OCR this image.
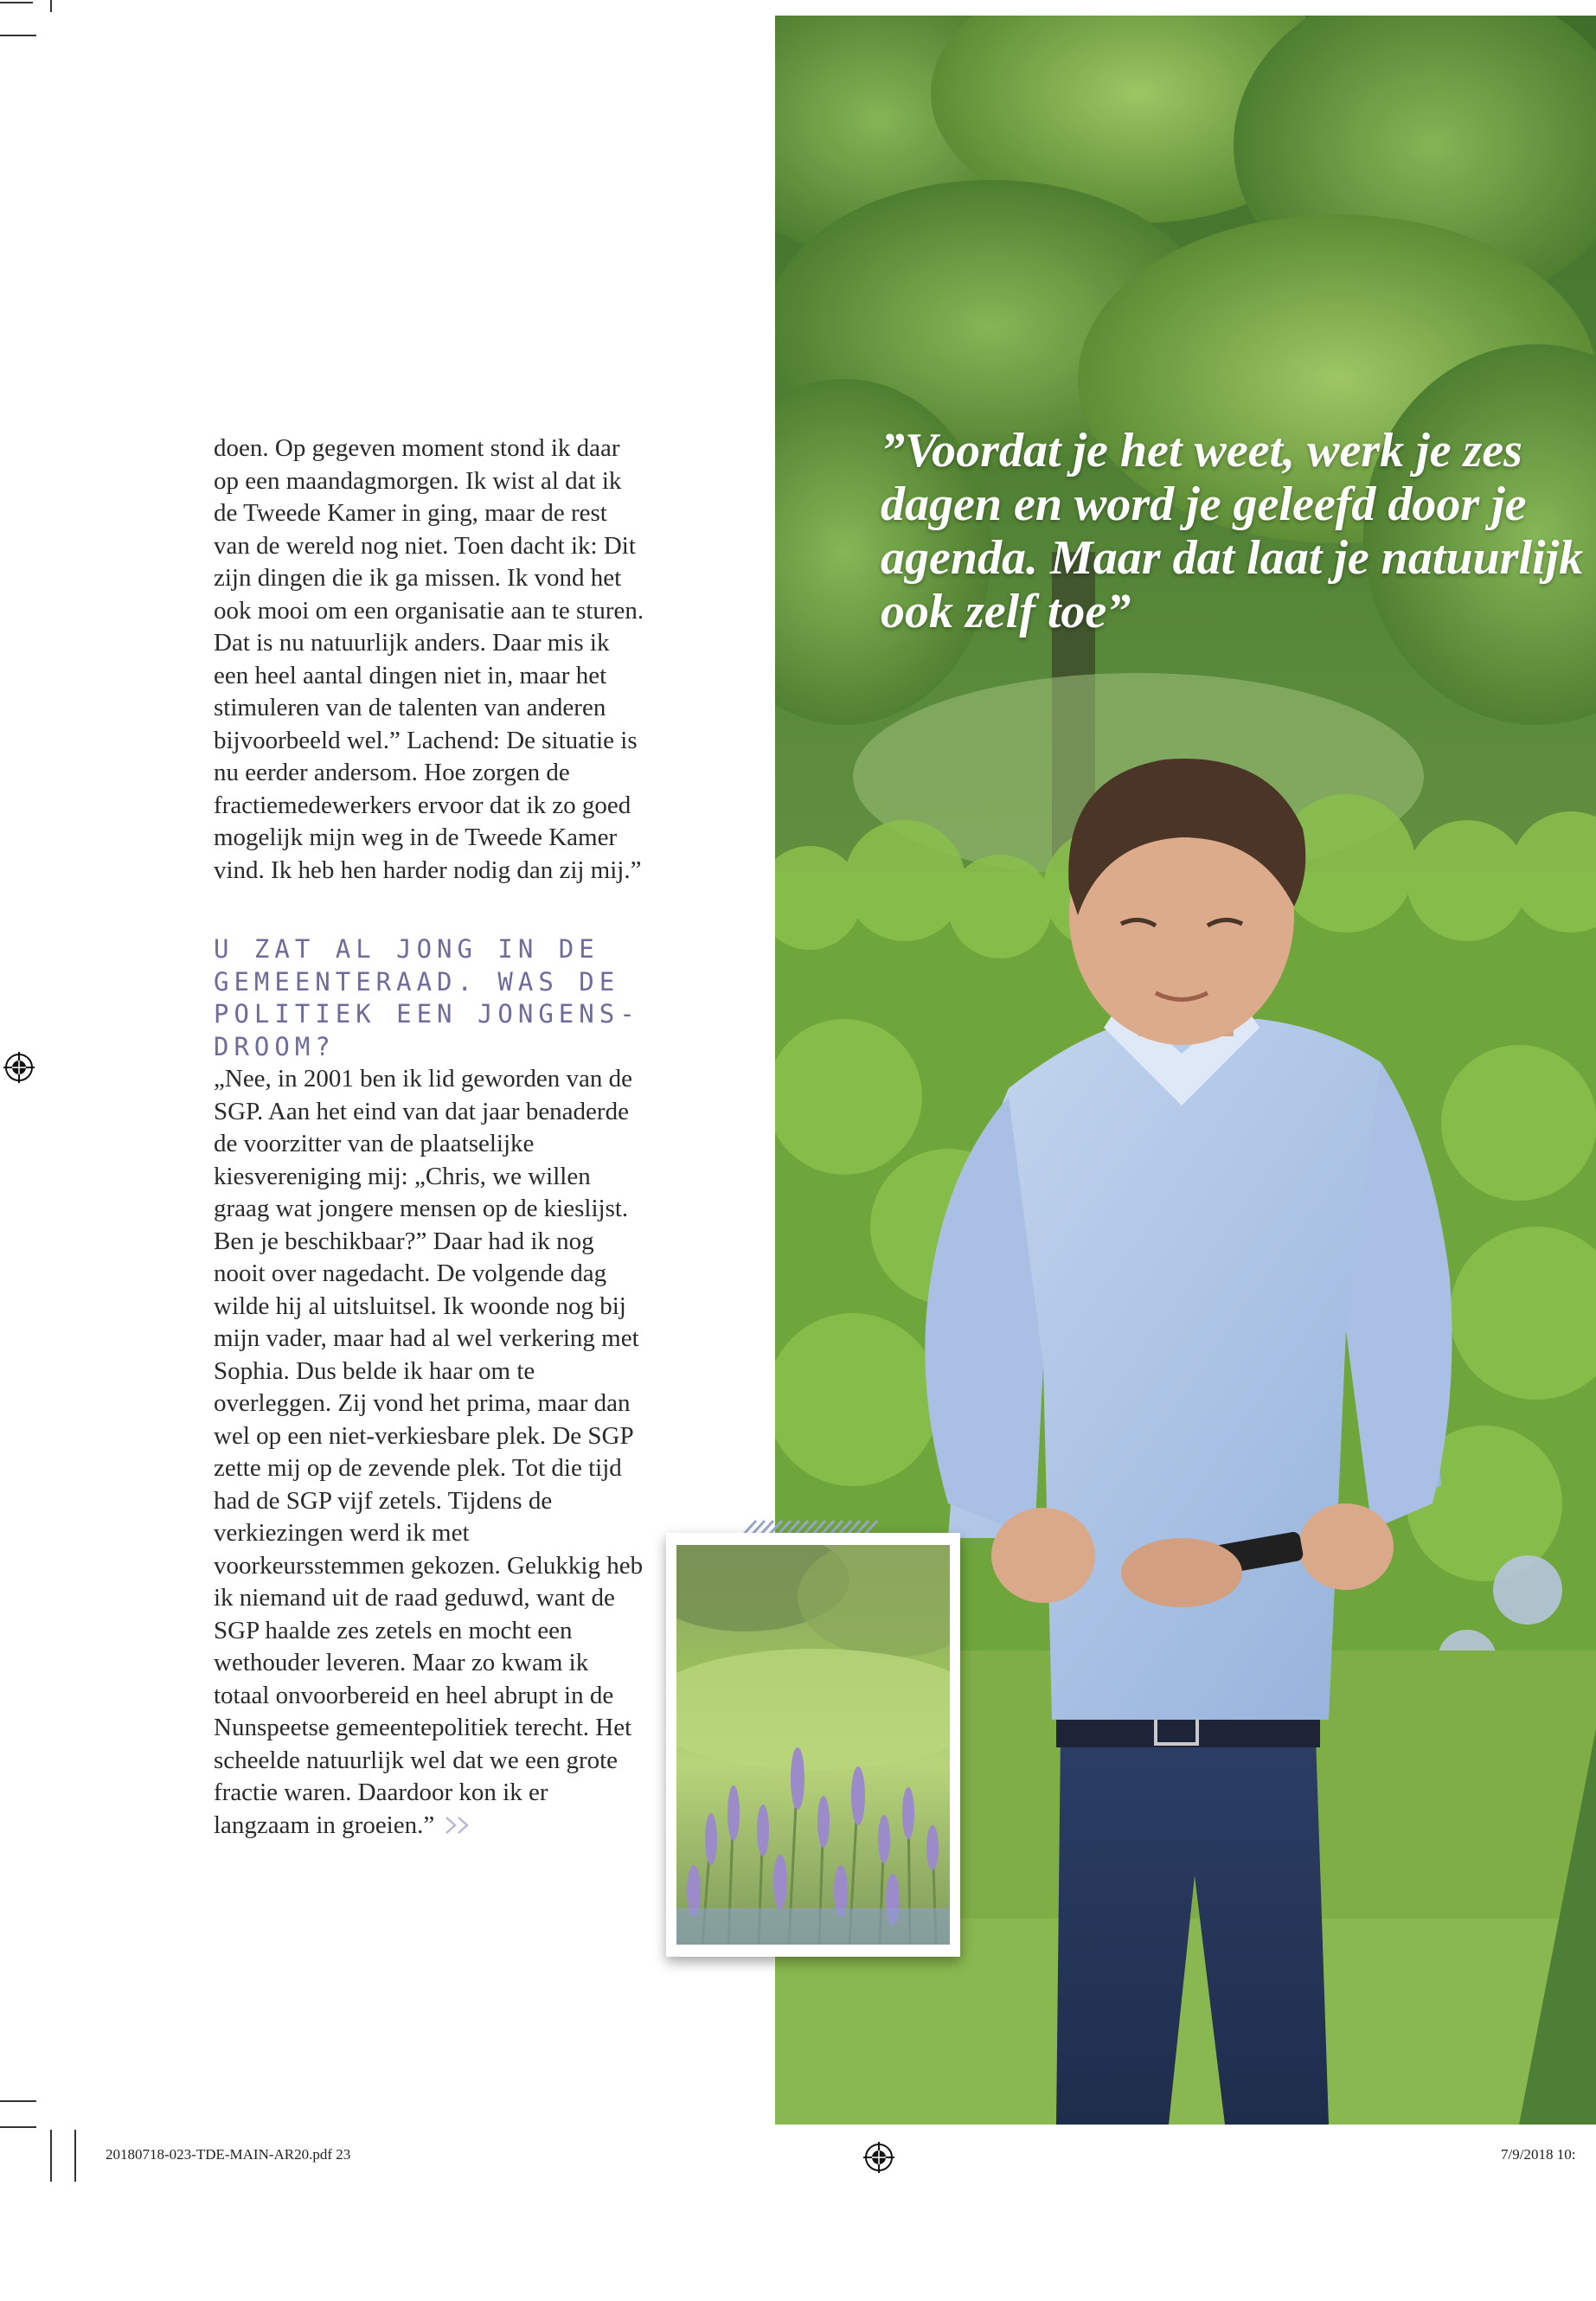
doen. Op gegeven moment stond ik daar op een maandagmorgen. Ik wist al dat ik de Tweede Kamer in ging, maar de rest van de wereld nog niet. Toen dacht ik: Dit zijn dingen die ik ga missen. Ik vond het ook mooi om een organisatie aan te sturen. Dat is nu natuurlijk anders. Daar mis ik een heel aantal dingen niet in, maar het stimuleren van de talenten van anderen bijvoorbeeld wel.” Lachend: De situatie is nu eerder andersom. Hoe zorgen de fractiemedewerkers ervoor dat ik zo goed mogelijk mijn weg in de Tweede Kamer vind. Ik heb hen harder nodig dan zij mij.”

U ZAT AL JONG IN DE GEMEENTERAAD. WAS DE POLITIEK EEN JONGENS-DROOM?

„Nee, in 2001 ben ik lid geworden van de SGP. Aan het eind van dat jaar benaderde de voorzitter van de plaatselijke kiesvereniging mij: „Chris, we willen graag wat jongere mensen op de kieslijst. Ben je beschikbaar?” Daar had ik nog nooit over nagedacht. De volgende dag wilde hij al uitsluitsel. Ik woonde nog bij mijn vader, maar had al wel verkering met Sophia. Dus belde ik haar om te overleggen. Zij vond het prima, maar dan wel op een niet-verkiesbare plek. De SGP zette mij op de zevende plek. Tot die tijd had de SGP vijf zetels. Tijdens de verkiezingen werd ik met voorkeursstemmen gekozen. Gelukkig heb ik niemand uit de raad geduwd, want de SGP haalde zes zetels en mocht een wethouder leveren. Maar zo kwam ik totaal onvoorbereid en heel abrupt in de Nunspeetse gemeentepolitiek terecht. Het scheelde natuurlijk wel dat we een grote fractie waren. Daardoor kon ik er langzaam in groeien.”

”Voordat je het weet, werk je zes dagen en word je geleefd door je agenda. Maar dat laat je natuurlijk ook zelf toe”

20180718-023-TDE-MAIN-AR20.pdf 23	7/9/2018 10:
